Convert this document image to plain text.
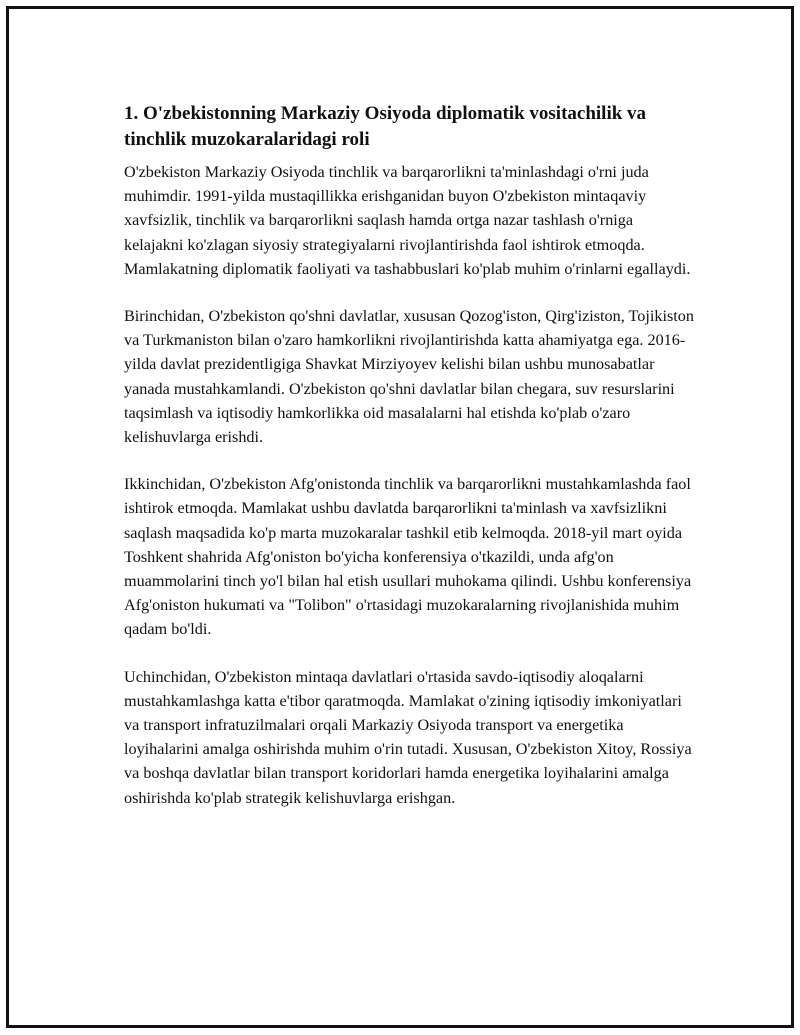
1. O'zbekistonning Markaziy Osiyoda diplomatik vositachilik va tinchlik muzokaralaridagi roli

O'zbekiston Markaziy Osiyoda tinchlik va barqarorlikni ta'minlashdagi o'rni juda muhimdir. 1991-yilda mustaqillikka erishganidan buyon O'zbekiston mintaqaviy xavfsizlik, tinchlik va barqarorlikni saqlash hamda ortga nazar tashlash o'rniga kelajakni ko'zlagan siyosiy strategiyalarni rivojlantirishda faol ishtirok etmoqda. Mamlakatning diplomatik faoliyati va tashabbuslari ko'plab muhim o'rinlarni egallaydi.

Birinchidan, O'zbekiston qo'shni davlatlar, xususan Qozog'iston, Qirg'iziston, Tojikiston va Turkmaniston bilan o'zaro hamkorlikni rivojlantirishda katta ahamiyatga ega. 2016-yilda davlat prezidentligiga Shavkat Mirziyoyev kelishi bilan ushbu munosabatlar yanada mustahkamlandi. O'zbekiston qo'shni davlatlar bilan chegara, suv resurslarini taqsimlash va iqtisodiy hamkorlikka oid masalalarni hal etishda ko'plab o'zaro kelishuvlarga erishdi.

Ikkinchidan, O'zbekiston Afg'onistonda tinchlik va barqarorlikni mustahkamlashda faol ishtirok etmoqda. Mamlakat ushbu davlatda barqarorlikni ta'minlash va xavfsizlikni saqlash maqsadida ko'p marta muzokaralar tashkil etib kelmoqda. 2018-yil mart oyida Toshkent shahrida Afg'oniston bo'yicha konferensiya o'tkazildi, unda afg'on muammolarini tinch yo'l bilan hal etish usullari muhokama qilindi. Ushbu konferensiya Afg'oniston hukumati va "Tolibon" o'rtasidagi muzokaralarning rivojlanishida muhim qadam bo'ldi.

Uchinchidan, O'zbekiston mintaqa davlatlari o'rtasida savdo-iqtisodiy aloqalarni mustahkamlashga katta e'tibor qaratmoqda. Mamlakat o'zining iqtisodiy imkoniyatlari va transport infratuzilmalari orqali Markaziy Osiyoda transport va energetika loyihalarini amalga oshirishda muhim o'rin tutadi. Xususan, O'zbekiston Xitoy, Rossiya va boshqa davlatlar bilan transport koridorlari hamda energetika loyihalarini amalga oshirishda ko'plab strategik kelishuvlarga erishgan.
